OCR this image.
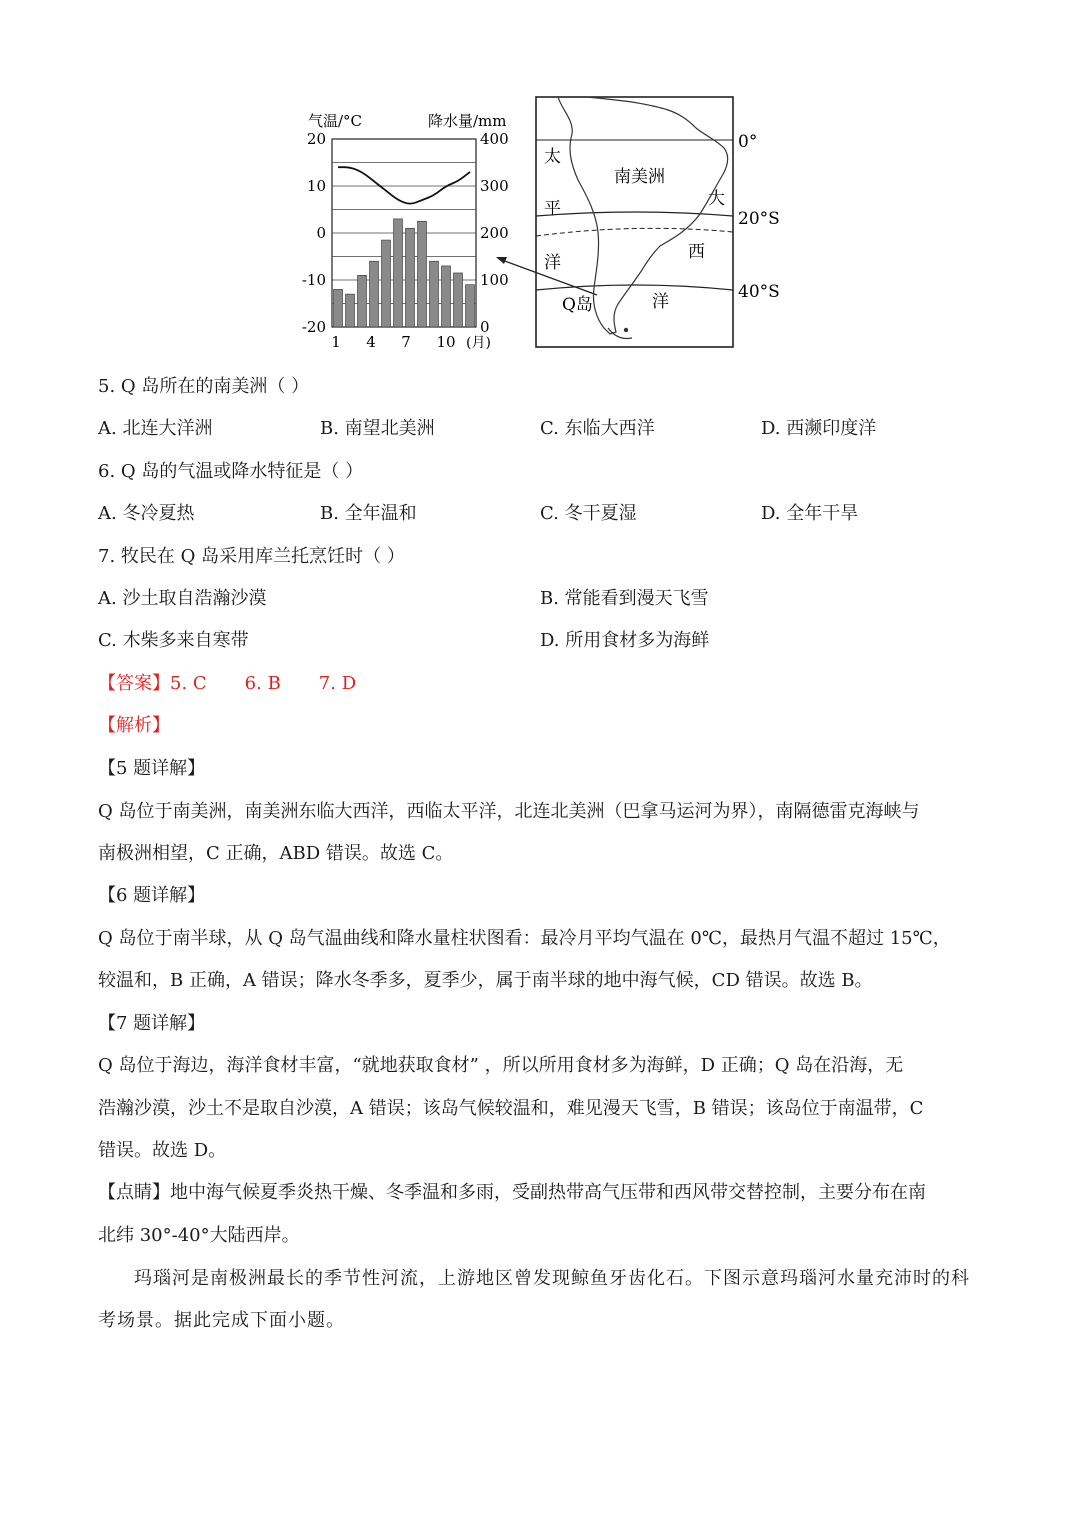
气温/°C	降水量/mm
20
10
0
-10
-20
400
300
200
100
0
1 4 7 10 (月)
南美洲
太
平
洋
大
西
洋
Q岛
0°
20°S
40°S
5. Q 岛所在的南美洲（ ）
A. 北连大洋洲	B. 南望北美洲	C. 东临大西洋	D. 西濒印度洋
6. Q 岛的气温或降水特征是（ ）
A. 冬冷夏热	B. 全年温和	C. 冬干夏湿	D. 全年干旱
7. 牧民在 Q 岛采用库兰托烹饪时（ ）
A. 沙土取自浩瀚沙漠	B. 常能看到漫天飞雪
C. 木柴多来自寒带	D. 所用食材多为海鲜
【答案】5. C 6. B 7. D
【解析】
【5 题详解】
Q 岛位于南美洲，南美洲东临大西洋，西临太平洋，北连北美洲（巴拿马运河为界），南隔德雷克海峡与
南极洲相望，C 正确，ABD 错误。故选 C。
【6 题详解】
Q 岛位于南半球，从 Q 岛气温曲线和降水量柱状图看：最冷月平均气温在 0℃，最热月气温不超过 15℃，
较温和，B 正确，A 错误；降水冬季多，夏季少，属于南半球的地中海气候，CD 错误。故选 B。
【7 题详解】
Q 岛位于海边，海洋食材丰富，“就地获取食材” ，所以所用食材多为海鲜，D 正确；Q 岛在沿海，无
浩瀚沙漠，沙土不是取自沙漠，A 错误；该岛气候较温和，难见漫天飞雪，B 错误；该岛位于南温带，C
错误。故选 D。
【点睛】地中海气候夏季炎热干燥、冬季温和多雨，受副热带高气压带和西风带交替控制，主要分布在南
北纬 30°-40°大陆西岸。
玛瑙河是南极洲最长的季节性河流，上游地区曾发现鲸鱼牙齿化石。下图示意玛瑙河水量充沛时的科
考场景。据此完成下面小题。
